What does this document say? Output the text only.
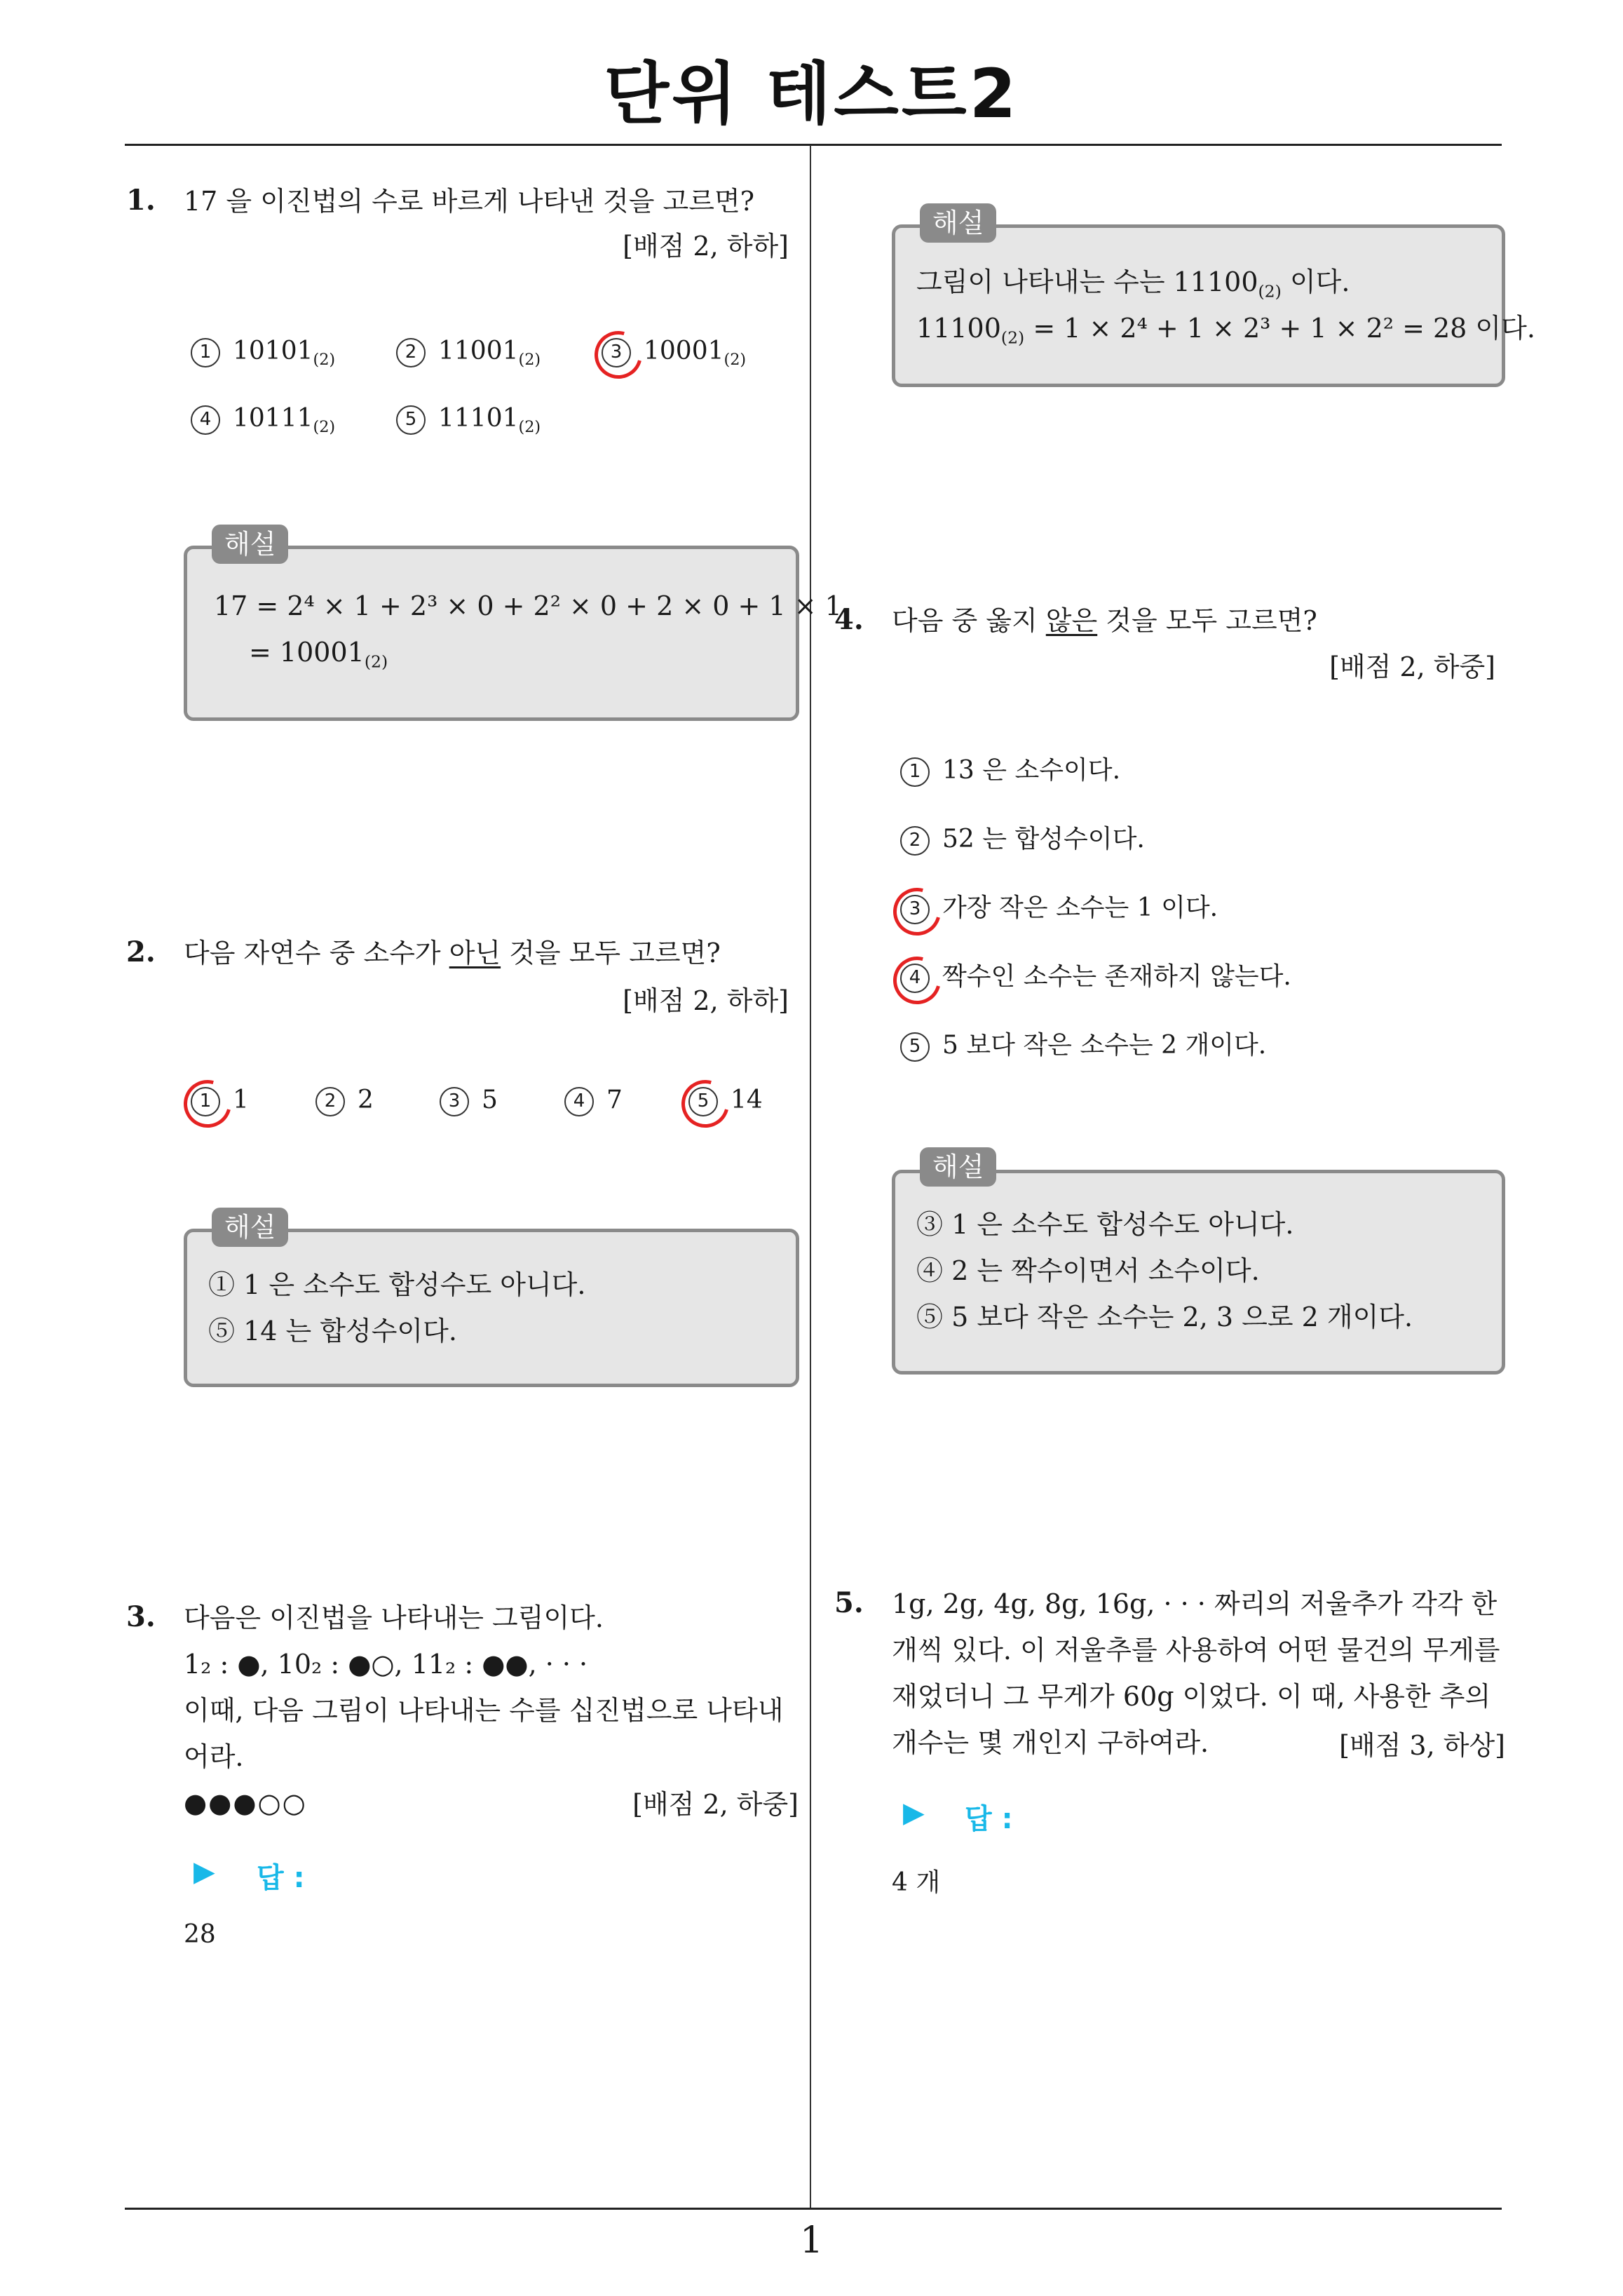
단위 테스트2
1
1. 17 을 이진법의 수로 바르게 나타낸 것을 고르면?
[배점 2, 하하]
1 $10101_{(2)}$	2 $11001_{(2)}$	3 $10001_{(2)}$
4 $10111_{(2)}$	5 $11101_{(2)}$
17 = 2⁴ × 1 + 2³ × 0 + 2² × 0 + 2 × 0 + 1 × 1
= $10001_{(2)}$
해설
2. 다음 자연수 중 소수가 아닌 것을 모두 고르면?
[배점 2, 하하]
1 1	2 2	3 5	4 7	5 14
① 1 은 소수도 합성수도 아니다.
⑤ 14 는 합성수이다.
해설
3. 다음은 이진법을 나타내는 그림이다.
1₂ : ●, 10₂ : ●○, 11₂ : ●●, · · ·
이때, 다음 그림이 나타내는 수를 십진법으로 나타내
어라.
●●●○○	[배점 2, 하중]
▶ 답 :
28
그림이 나타내는 수는 $11100_{(2)}$ 이다.
$11100_{(2)} = 1 \times 2^4 + 1 \times 2^3 + 1 \times 2^2 = 28$ 이다.
해설
4. 다음 중 옳지 않은 것을 모두 고르면?
[배점 2, 하중]
1 13 은 소수이다.
2 52 는 합성수이다.
3 가장 작은 소수는 1 이다.
4 짝수인 소수는 존재하지 않는다.
5 5 보다 작은 소수는 2 개이다.
③ 1 은 소수도 합성수도 아니다.
④ 2 는 짝수이면서 소수이다.
⑤ 5 보다 작은 소수는 2, 3 으로 2 개이다.
해설
5. 1g, 2g, 4g, 8g, 16g, · · · 짜리의 저울추가 각각 한
개씩 있다. 이 저울추를 사용하여 어떤 물건의 무게를
재었더니 그 무게가 60g 이었다. 이 때, 사용한 추의
개수는 몇 개인지 구하여라.	[배점 3, 하상]
▶ 답 :
4 개
